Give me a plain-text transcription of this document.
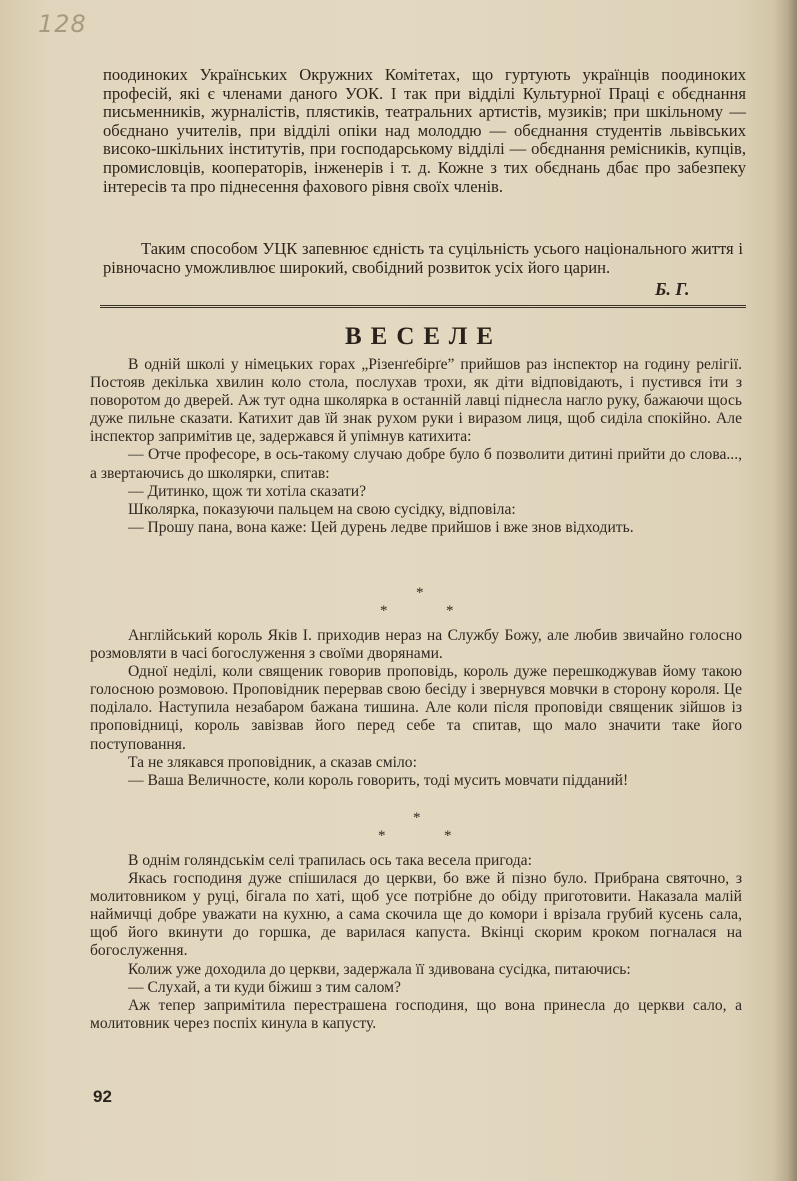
128
поодиноких Українських Окружних Комітетах, що гуртують українців поодиноких професій, які є членами даного УОК. І так при відділі Культурної Праці є обєднання письменників, журналістів, плястиків, театральних артистів, музиків; при шкільному — обєднано учителів, при відділі опіки над молоддю — обєднання студентів львівських високо-шкільних інститутів, при господарському відділі — обєднання ремісників, купців, промисловців, кооператорів, інженерів і т. д. Кожне з тих обєднань дбає про забезпеку інтересів та про піднесення фахового рівня своїх членів.
Таким способом УЦК запевнює єдність та суцільність усього національного життя і рівночасно уможливлює широкий, свобідний розвиток усіх його царин.
Б. Г.
ВЕСЕЛЕ

В одній школі у німецьких горах „Різенґебірґе” прийшов раз інспектор на годину релігії. Постояв декілька хвилин коло стола, послухав трохи, як діти відповідають, і пустився іти з поворотом до дверей. Аж тут одна школярка в останній лавці піднесла нагло руку, бажаючи щось дуже пильне сказати. Катихит дав їй знак рухом руки і виразом лиця, щоб сиділа спокійно. Але інспектор запримітив це, задержався й упімнув катихита:

— Отче професоре, в ось-такому случаю добре було б позволити дитині прийти до слова..., а звертаючись до школярки, спитав:

— Дитинко, щож ти хотіла сказати?

Школярка, показуючи пальцем на свою сусідку, відповіла:

— Прошу пана, вона каже: Цей дурень ледве прийшов і вже знов відходить.

*
*	*

Англійський король Яків І. приходив нераз на Службу Божу, але любив звичайно голосно розмовляти в часі богослуження з своїми дворянами.

Одної неділі, коли священик говорив проповідь, король дуже перешкоджував йому такою голосною розмовою. Проповідник перервав свою бесіду і звернувся мовчки в сторону короля. Це поділало. Наступила незабаром бажана тишина. Але коли після проповіди священик зійшов із проповідниці, король завізвав його перед себе та спитав, що мало значити таке його поступовання.

Та не злякався проповідник, а сказав сміло:

— Ваша Величносте, коли король говорить, тоді мусить мовчати підданий!

*
*	*

В однім голяндськім селі трапилась ось така весела пригода:

Якась господиня дуже спішилася до церкви, бо вже й пізно було. Прибрана святочно, з молитовником у руці, бігала по хаті, щоб усе потрібне до обіду приготовити. Наказала малій наймичці добре уважати на кухню, а сама скочила ще до комори і врізала грубий кусень сала, щоб його вкинути до горшка, де варилася капуста. Вкінці скорим кроком погналася на богослуження.

Колиж уже доходила до церкви, задержала її здивована сусідка, питаючись:

— Слухай, а ти куди біжиш з тим салом?

Аж тепер запримітила перестрашена господиня, що вона принесла до церкви сало, а молитовник через поспіх кинула в капусту.

92
